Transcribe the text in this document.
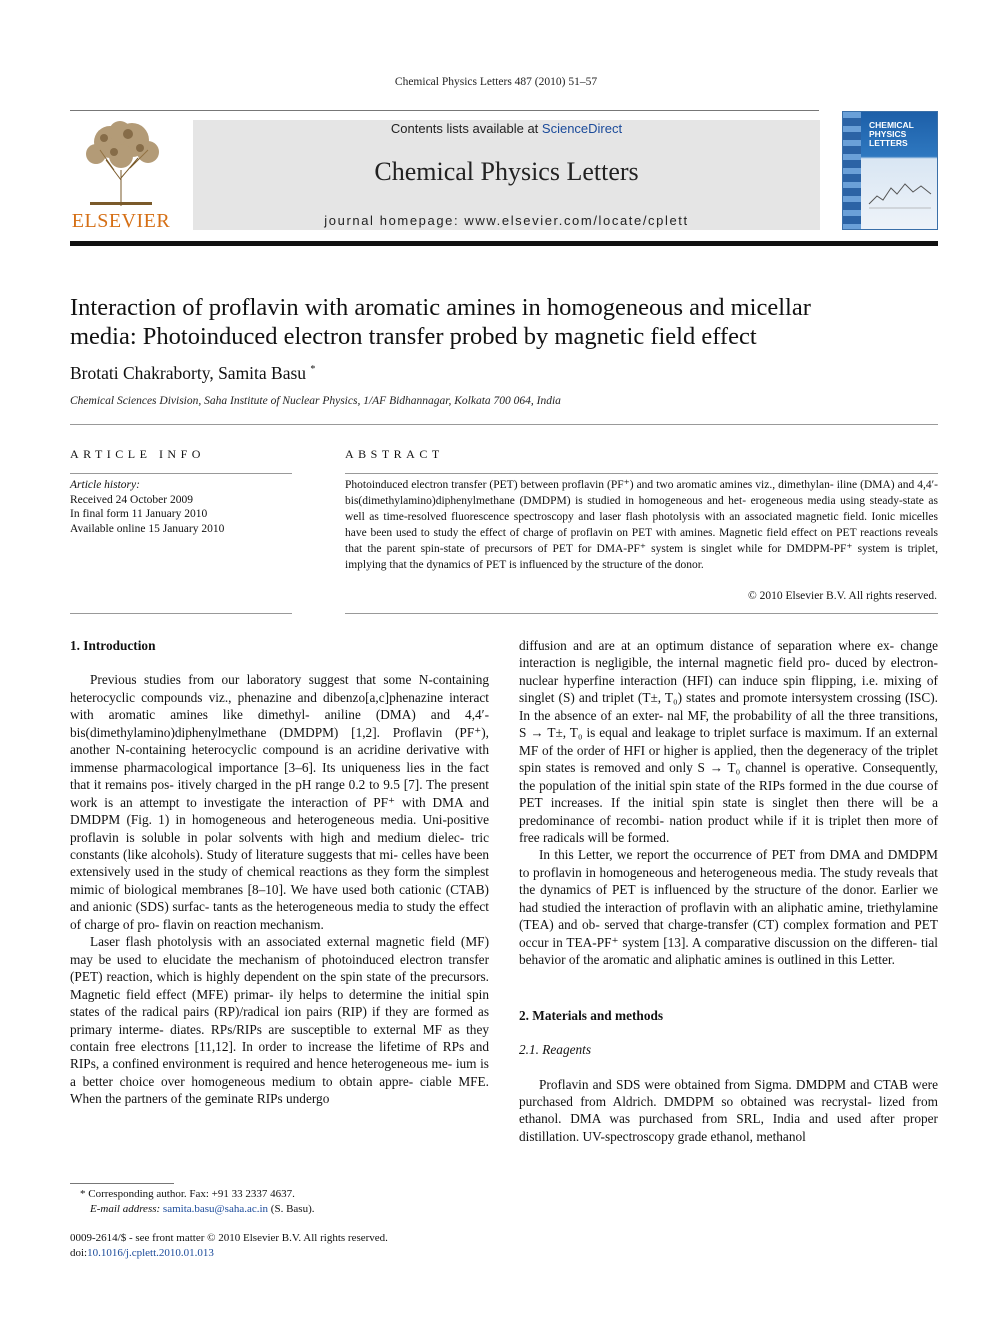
Chemical Physics Letters 487 (2010) 51–57
ELSEVIER
Contents lists available at ScienceDirect
Chemical Physics Letters
journal homepage: www.elsevier.com/locate/cplett
CHEMICAL
PHYSICS
LETTERS
Interaction of proflavin with aromatic amines in homogeneous and micellar
media: Photoinduced electron transfer probed by magnetic field effect
Brotati Chakraborty, Samita Basu *
Chemical Sciences Division, Saha Institute of Nuclear Physics, 1/AF Bidhannagar, Kolkata 700 064, India
ARTICLE INFO	ABSTRACT
Article history:
Received 24 October 2009
In final form 11 January 2010
Available online 15 January 2010
Photoinduced electron transfer (PET) between proflavin (PF⁺) and two aromatic amines viz., dimethylan- iline (DMA) and 4,4′-bis(dimethylamino)diphenylmethane (DMDPM) is studied in homogeneous and het- erogeneous media using steady-state as well as time-resolved fluorescence spectroscopy and laser flash photolysis with an associated magnetic field. Ionic micelles have been used to study the effect of charge of proflavin on PET with amines. Magnetic field effect on PET reactions reveals that the parent spin-state of precursors of PET for DMA-PF⁺ system is singlet while for DMDPM-PF⁺ system is triplet, implying that the dynamics of PET is influenced by the structure of the donor.
© 2010 Elsevier B.V. All rights reserved.
1. Introduction
Previous studies from our laboratory suggest that some N-containing heterocyclic compounds viz., phenazine and dibenzo[a,c]phenazine interact with aromatic amines like dimethyl- aniline (DMA) and 4,4′-bis(dimethylamino)diphenylmethane (DMDPM) [1,2]. Proflavin (PF⁺), another N-containing heterocyclic compound is an acridine derivative with immense pharmacological importance [3–6]. Its uniqueness lies in the fact that it remains pos- itively charged in the pH range 0.2 to 9.5 [7]. The present work is an attempt to investigate the interaction of PF⁺ with DMA and DMDPM (Fig. 1) in homogeneous and heterogeneous media. Uni-positive proflavin is soluble in polar solvents with high and medium dielec- tric constants (like alcohols). Study of literature suggests that mi- celles have been extensively used in the study of chemical reactions as they form the simplest mimic of biological membranes [8–10]. We have used both cationic (CTAB) and anionic (SDS) surfac- tants as the heterogeneous media to study the effect of charge of pro- flavin on reaction mechanism.
Laser flash photolysis with an associated external magnetic field (MF) may be used to elucidate the mechanism of photoinduced electron transfer (PET) reaction, which is highly dependent on the spin state of the precursors. Magnetic field effect (MFE) primar- ily helps to determine the initial spin states of the radical pairs (RP)/radical ion pairs (RIP) if they are formed as primary interme- diates. RPs/RIPs are susceptible to external MF as they contain free electrons [11,12]. In order to increase the lifetime of RPs and RIPs, a confined environment is required and hence heterogeneous me- ium is a better choice over homogeneous medium to obtain appre- ciable MFE. When the partners of the geminate RIPs undergo
diffusion and are at an optimum distance of separation where ex- change interaction is negligible, the internal magnetic field pro- duced by electron-nuclear hyperfine interaction (HFI) can induce spin flipping, i.e. mixing of singlet (S) and triplet (T±, T₀) states and promote intersystem crossing (ISC). In the absence of an exter- nal MF, the probability of all the three transitions, S → T±, T₀ is equal and leakage to triplet surface is maximum. If an external MF of the order of HFI or higher is applied, then the degeneracy of the triplet spin states is removed and only S → T₀ channel is operative. Consequently, the population of the initial spin state of the RIPs formed in the due course of PET increases. If the initial spin state is singlet then there will be a predominance of recombi- nation product while if it is triplet then more of free radicals will be formed.
In this Letter, we report the occurrence of PET from DMA and DMDPM to proflavin in homogeneous and heterogeneous media. The study reveals that the dynamics of PET is influenced by the structure of the donor. Earlier we had studied the interaction of proflavin with an aliphatic amine, triethylamine (TEA) and ob- served that charge-transfer (CT) complex formation and PET occur in TEA-PF⁺ system [13]. A comparative discussion on the differen- tial behavior of the aromatic and aliphatic amines is outlined in this Letter.
2. Materials and methods
2.1. Reagents
Proflavin and SDS were obtained from Sigma. DMDPM and CTAB were purchased from Aldrich. DMDPM so obtained was recrystal- lized from ethanol. DMA was purchased from SRL, India and used after proper distillation. UV-spectroscopy grade ethanol, methanol
* Corresponding author. Fax: +91 33 2337 4637.
E-mail address: samita.basu@saha.ac.in (S. Basu).
0009-2614/$ - see front matter © 2010 Elsevier B.V. All rights reserved.
doi:10.1016/j.cplett.2010.01.013
